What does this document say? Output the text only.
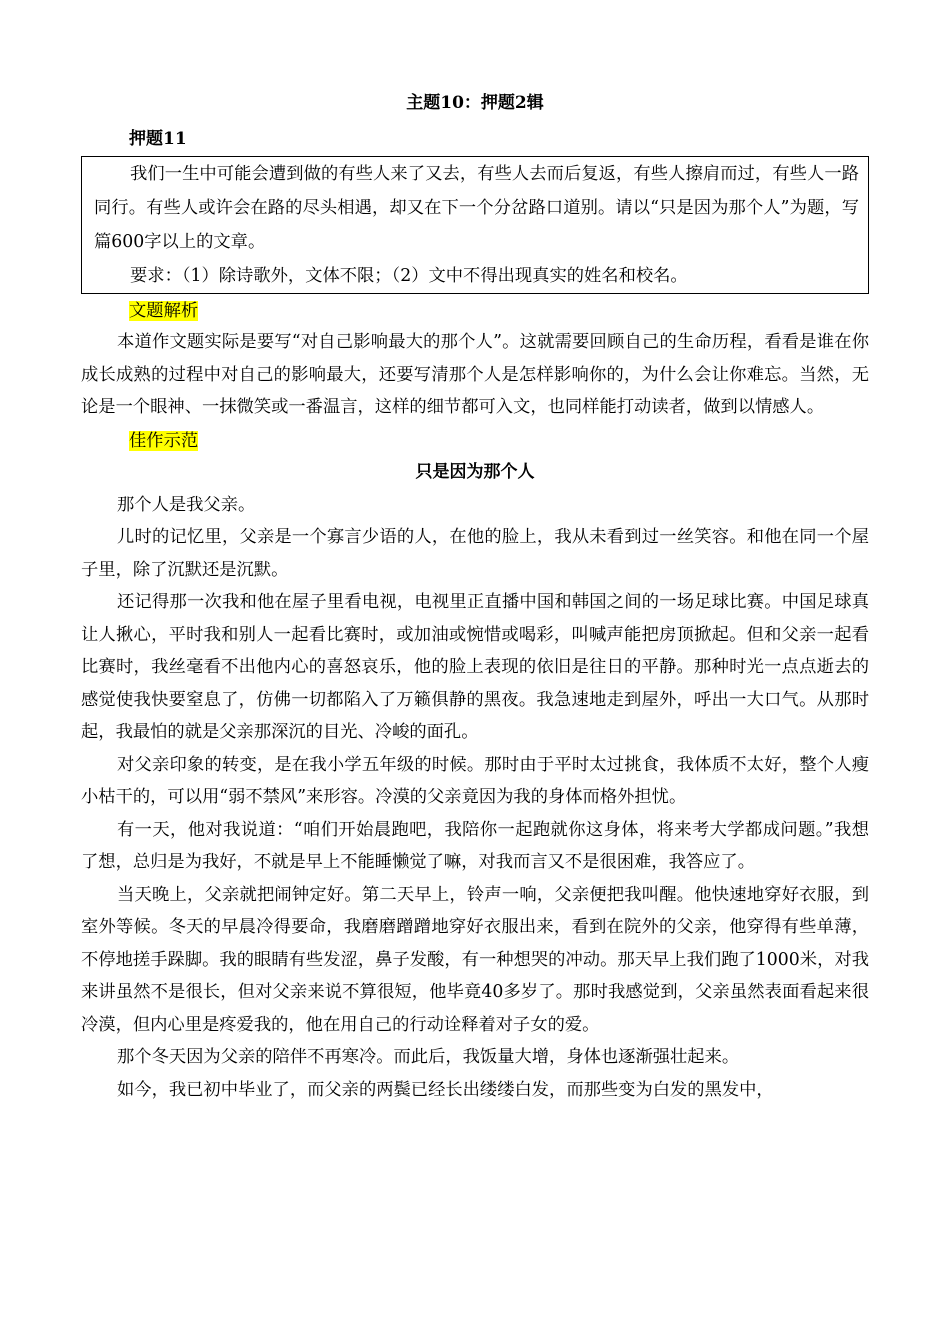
主题10：押题2辑
押题11

我们一生中可能会遭到做的有些人来了又去，有些人去而后复返，有些人擦肩而过，有些人一路同行。有些人或许会在路的尽头相遇，却又在下一个分岔路口道别。请以“只是因为那个人”为题，写篇600字以上的文章。

要求：（1）除诗歌外，文体不限；（2）文中不得出现真实的姓名和校名。

文题解析

本道作文题实际是要写“对自己影响最大的那个人”。这就需要回顾自己的生命历程，看看是谁在你成长成熟的过程中对自己的影响最大，还要写清那个人是怎样影响你的，为什么会让你难忘。当然，无论是一个眼神、一抹微笑或一番温言，这样的细节都可入文，也同样能打动读者，做到以情感人。

佳作示范
只是因为那个人

那个人是我父亲。

儿时的记忆里，父亲是一个寡言少语的人，在他的脸上，我从未看到过一丝笑容。和他在同一个屋子里，除了沉默还是沉默。

还记得那一次我和他在屋子里看电视，电视里正直播中国和韩国之间的一场足球比赛。中国足球真让人揪心，平时我和别人一起看比赛时，或加油或惋惜或喝彩，叫喊声能把房顶掀起。但和父亲一起看比赛时，我丝毫看不出他内心的喜怒哀乐，他的脸上表现的依旧是往日的平静。那种时光一点点逝去的感觉使我快要窒息了，仿佛一切都陷入了万籁俱静的黑夜。我急速地走到屋外，呼出一大口气。从那时起，我最怕的就是父亲那深沉的目光、冷峻的面孔。

对父亲印象的转变，是在我小学五年级的时候。那时由于平时太过挑食，我体质不太好，整个人瘦小枯干的，可以用“弱不禁风”来形容。冷漠的父亲竟因为我的身体而格外担忧。

有一天，他对我说道：“咱们开始晨跑吧，我陪你一起跑就你这身体，将来考大学都成问题。”我想了想，总归是为我好，不就是早上不能睡懒觉了嘛，对我而言又不是很困难，我答应了。

当天晚上，父亲就把闹钟定好。第二天早上，铃声一响，父亲便把我叫醒。他快速地穿好衣服，到室外等候。冬天的早晨冷得要命，我磨磨蹭蹭地穿好衣服出来，看到在院外的父亲，他穿得有些单薄，不停地搓手跺脚。我的眼睛有些发涩，鼻子发酸，有一种想哭的冲动。那天早上我们跑了1000米，对我来讲虽然不是很长，但对父亲来说不算很短，他毕竟40多岁了。那时我感觉到，父亲虽然表面看起来很冷漠，但内心里是疼爱我的，他在用自己的行动诠释着对子女的爱。

那个冬天因为父亲的陪伴不再寒冷。而此后，我饭量大增，身体也逐渐强壮起来。

如今，我已初中毕业了，而父亲的两鬓已经长出缕缕白发，而那些变为白发的黑发中，
